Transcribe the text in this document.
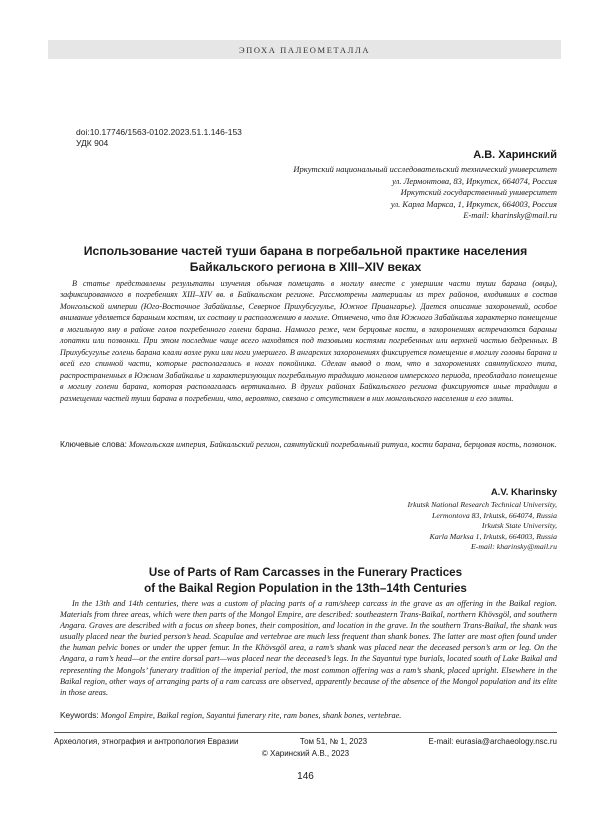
ЭПОХА ПАЛЕОМЕТАЛЛА
doi:10.17746/1563-0102.2023.51.1.146-153
УДК 904
А.В. Харинский
Иркутский национальный исследовательский технический университет
ул. Лермонтова, 83, Иркутск, 664074, Россия
Иркутский государственный университет
ул. Карла Маркса, 1, Иркутск, 664003, Россия
E-mail: kharinsky@mail.ru
Использование частей туши барана в погребальной практике населения Байкальского региона в XIII–XIV веках
В статье представлены результаты изучения обычая помещать в могилу вместе с умершим части туши барана (овцы), зафиксированного в погребениях XIII–XIV вв. в Байкальском регионе. Рассмотрены материалы из трех районов, входивших в состав Монгольской империи (Юго-Восточное Забайкалье, Северное Прихубсугулье, Южное Приангарье). Дается описание захоронений, особое внимание уделяется бараньим костям, их составу и расположению в могиле. Отмечено, что для Южного Забайкалья характерно помещение в могильную яму в районе голов погребенного голени барана. Намного реже, чем берцовые кости, в захоронениях встречаются бараньи лопатки или позвонки. При этом последние чаще всего находятся под тазовыми костями погребенных или верхней частью бедренных. В Прихубсугулье голень барана клали возле руки или ноги умершего. В ангарских захоронениях фиксируется помещение в могилу головы барана и всей его спинной части, которые располагались в ногах покойника. Сделан вывод о том, что в захоронениях саянтуйского типа, распространенных в Южном Забайкалье и характеризующих погребальную традицию монголов имперского периода, преобладало помещение в могилу голени барана, которая располагалась вертикально. В других районах Байкальского региона фиксируются иные традиции в размещении частей туши барана в погребении, что, вероятно, связано с отсутствием в них монгольского населения и его элиты.
Ключевые слова: Монгольская империя, Байкальский регион, саянтуйский погребальный ритуал, кости барана, берцовая кость, позвонок.
A.V. Kharinsky
Irkutsk National Research Technical University,
Lermontova 83, Irkutsk, 664074, Russia
Irkutsk State University,
Karla Marksa 1, Irkutsk, 664003, Russia
E-mail: kharinsky@mail.ru
Use of Parts of Ram Carcasses in the Funerary Practices
of the Baikal Region Population in the 13th–14th Centuries
In the 13th and 14th centuries, there was a custom of placing parts of a ram/sheep carcass in the grave as an offering in the Baikal region. Materials from three areas, which were then parts of the Mongol Empire, are described: southeastern Trans-Baikal, northern Khövsgöl, and southern Angara. Graves are described with a focus on sheep bones, their composition, and location in the grave. In the southern Trans-Baikal, the shank was usually placed near the buried person’s head. Scapulae and vertebrae are much less frequent than shank bones. The latter are most often found under the human pelvic bones or under the upper femur. In the Khövsgöl area, a ram’s shank was placed near the deceased person’s arm or leg. On the Angara, a ram’s head—or the entire dorsal part—was placed near the deceased’s legs. In the Sayantui type burials, located south of Lake Baikal and representing the Mongols’ funerary tradition of the imperial period, the most common offering was a ram’s shank, placed upright. Elsewhere in the Baikal region, other ways of arranging parts of a ram carcass are observed, apparently because of the absence of the Mongol population and its elite in those areas.
Keywords: Mongol Empire, Baikal region, Sayantui funerary rite, ram bones, shank bones, vertebrae.
Археология, этнография и антропология Евразии	Том 51, № 1, 2023	E-mail: eurasia@archaeology.nsc.ru
© Харинский А.В., 2023
146
